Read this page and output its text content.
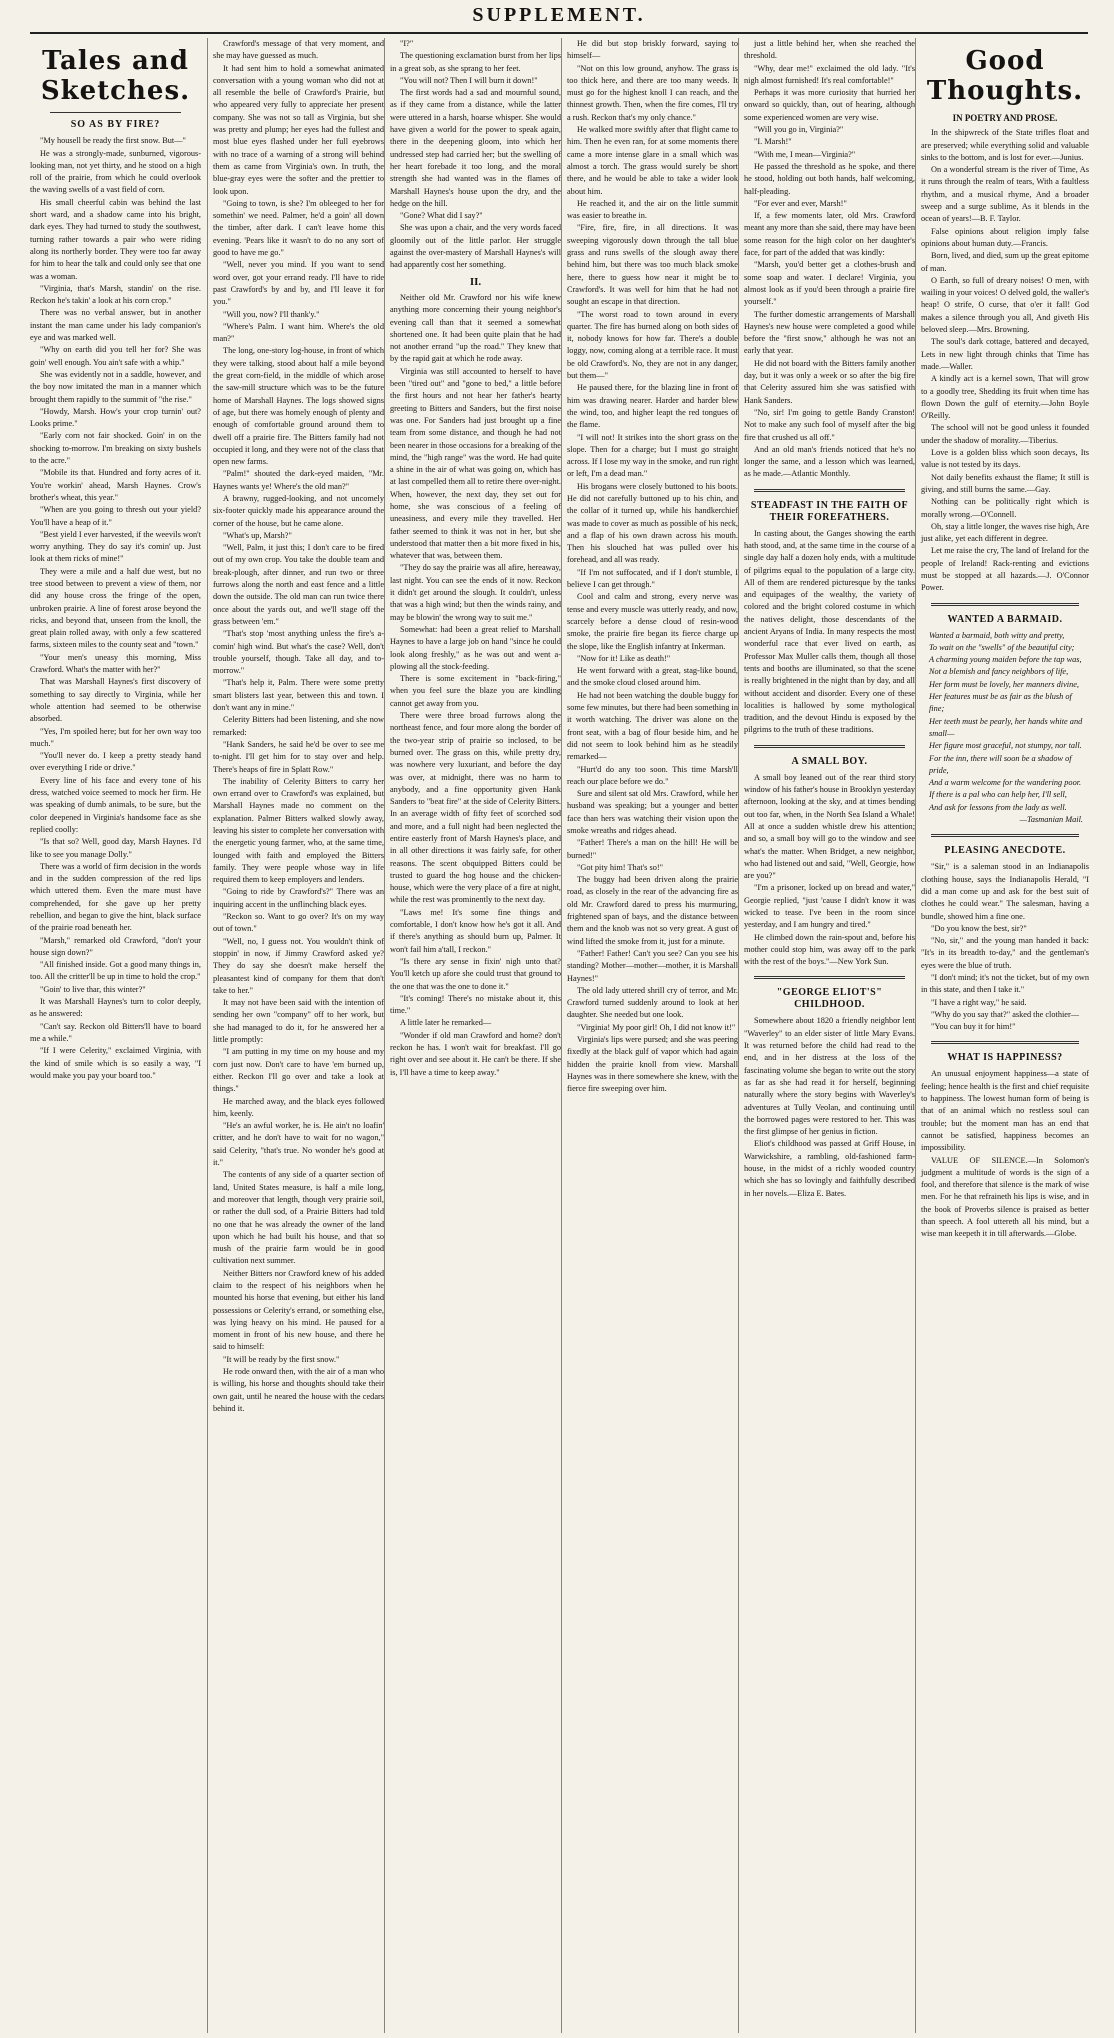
SUPPLEMENT.
Tales and Sketches.
SO AS BY FIRE?

"My housell be ready the first snow. But—"

He was a strongly-made, sunburned, vigorous-looking man, not yet thirty, and he stood on a high roll of the prairie, from which he could overlook the waving swells of a vast field of corn.

His small cheerful cabin was behind the last short ward, and a shadow came into his bright, dark eyes. They had turned to study the southwest, turning rather towards a pair who were riding along its northerly border. They were too far away for him to hear the talk and could only see that one was a woman.

"Virginia, that's Marsh, standin' on the rise. Reckon he's takin' a look at his corn crop."

There was no verbal answer, but in another instant the man came under his lady companion's eye and was marked well.

"Why on earth did you tell her for? She was goin' well enough. You ain't safe with a whip."

She was evidently not in a saddle, however, and the boy now imitated the man in a manner which brought them rapidly to the summit of "the rise."

"Howdy, Marsh. How's your crop turnin' out? Looks prime."

"Early corn not fair shocked. Goin' in on the shocking to-morrow. I'm breaking on sixty bushels to the acre."

"Mobile its that. Hundred and forty acres of it. You're workin' ahead, Marsh Haynes. Crow's brother's wheat, this year."

"When are you going to thresh out your yield? You'll have a heap of it."

"Best yield I ever harvested, if the weevils won't worry anything. They do say it's comin' up. Just look at them ricks of mine!"

They were a mile and a half due west, but no tree stood between to prevent a view of them, nor did any house cross the fringe of the open, unbroken prairie. A line of forest arose beyond the ricks, and beyond that, unseen from the knoll, the great plain rolled away, with only a few scattered farms, sixteen miles to the county seat and "town."

"Your men's uneasy this morning, Miss Crawford. What's the matter with her?"

That was Marshall Haynes's first discovery of something to say directly to Virginia, while her whole attention had seemed to be otherwise absorbed.

"Yes, I'm spoiled here; but for her own way too much."

"You'll never do. I keep a pretty steady hand over everything I ride or drive."

Every line of his face and every tone of his dress, watched voice seemed to mock her firm. He was speaking of dumb animals, to be sure, but the color deepened in Virginia's handsome face as she replied coolly:

"Is that so? Well, good day, Marsh Haynes. I'd like to see you manage Dolly."

There was a world of firm decision in the words and in the sudden compression of the red lips which uttered them. Even the mare must have comprehended, for she gave up her pretty rebellion, and began to give the hint, black surface of the prairie road beneath her.

"Marsh," remarked old Crawford, "don't your house sign down?"

"All finished inside. Got a good many things in, too. All the critter'll be up in time to hold the crop."

"Goin' to live thar, this winter?"

It was Marshall Haynes's turn to color deeply, as he answered:

"Can't say. Reckon old Bitters'll have to board me a while."

"If I were Celerity," exclaimed Virginia, with the kind of smile which is so easily a way, "I would make you pay your board too."

Crawford's message of that very moment, and she may have guessed as much.

It had sent him to hold a somewhat animated conversation with a young woman who did not at all resemble the belle of Crawford's Prairie, but who appeared very fully to appreciate her present company. She was not so tall as Virginia, but she was pretty and plump; her eyes had the fullest and most blue eyes flashed under her full eyebrows with no trace of a warning of a strong will behind them as came from Virginia's own. In truth, the blue-gray eyes were the softer and the prettier to look upon.

"Going to town, is she? I'm obleeged to her for somethin' we need. Palmer, he'd a goin' all down the timber, after dark. I can't leave home this evening. 'Pears like it wasn't to do no any sort of good to have me go."

"Well, never you mind. If you want to send word over, got your errand ready. I'll have to ride past Crawford's by and by, and I'll leave it for you."

"Will you, now? I'll thank'y."

"Where's Palm. I want him. Where's the old man?"

The long, one-story log-house, in front of which they were talking, stood about half a mile beyond the great corn-field, in the middle of which arose the saw-mill structure which was to be the future home of Marshall Haynes. The logs showed signs of age, but there was homely enough of plenty and enough of comfortable ground around them to dwell off a prairie fire. The Bitters family had not occupied it long, and they were not of the class that open new farms.

"Palm!" shouted the dark-eyed maiden, "Mr. Haynes wants ye! Where's the old man?"

A brawny, rugged-looking, and not uncomely six-footer quickly made his appearance around the corner of the house, but he came alone.

"What's up, Marsh?"

"Well, Palm, it just this; I don't care to be fired out of my own crop. You take the double team and break-plough, after dinner, and run two or three furrows along the north and east fence and a little down the outside. The old man can run twice there once about the yards out, and we'll stage off the grass between 'em."

"That's stop 'most anything unless the fire's a-comin' high wind. But what's the case? Well, don't trouble yourself, though. Take all day, and to-morrow."

"That's help it, Palm. There were some pretty smart blisters last year, between this and town. I don't want any in mine."

Celerity Bitters had been listening, and she now remarked:

"Hank Sanders, he said he'd be over to see me to-night. I'll get him for to stay over and help. There's heaps of fire in Splatt Row."

The inability of Celerity Bitters to carry her own errand over to Crawford's was explained, but Marshall Haynes made no comment on the explanation. Palmer Bitters walked slowly away, leaving his sister to complete her conversation with the energetic young farmer, who, at the same time, lounged with faith and employed the Bitters family. They were people whose way in life required them to keep employers and lenders.

"Going to ride by Crawford's?" There was an inquiring accent in the unflinching black eyes.

"Reckon so. Want to go over? It's on my way out of town."

"Well, no, I guess not. You wouldn't think of stoppin' in now, if Jimmy Crawford asked ye? They do say she doesn't make herself the pleasantest kind of company for them that don't take to her."

It may not have been said with the intention of sending her own "company" off to her work, but she had managed to do it, for he answered her a little promptly:

"I am putting in my time on my house and my corn just now. Don't care to have 'em burned up, either. Reckon I'll go over and take a look at things."

He marched away, and the black eyes followed him, keenly.

"He's an awful worker, he is. He ain't no loafin' critter, and he don't have to wait for no wagon," said Celerity, "that's true. No wonder he's good at it."

The contents of any side of a quarter section of land, United States measure, is half a mile long, and moreover that length, though very prairie soil, or rather the dull sod, of a Prairie Bitters had told no one that he was already the owner of the land upon which he had built his house, and that so mush of the prairie farm would be in good cultivation next summer.

Neither Bitters nor Crawford knew of his added claim to the respect of his neighbors when he mounted his horse that evening, but either his land possessions or Celerity's errand, or something else, was lying heavy on his mind. He paused for a moment in front of his new house, and there he said to himself:

"It will be ready by the first snow."

He rode onward then, with the air of a man who is willing, his horse and thoughts should take their own gait, until he neared the house with the cedars behind it.

"I?"

The questioning exclamation burst from her lips in a great sob, as she sprang to her feet.

"You will not? Then I will burn it down!"

The first words had a sad and mournful sound, as if they came from a distance, while the latter were uttered in a harsh, hoarse whisper. She would have given a world for the power to speak again, there in the deepening gloom, into which her undressed step had carried her; but the swelling of her heart forebade it too long, and the moral strength she had wanted was in the flames of Marshall Haynes's house upon the dry, and the hedge on the hill.

"Gone? What did I say?"

She was upon a chair, and the very words faced gloomily out of the little parlor. Her struggle against the over-mastery of Marshall Haynes's will had apparently cost her something.

II.

Neither old Mr. Crawford nor his wife knew anything more concerning their young neighbor's evening call than that it seemed a somewhat shortened one. It had been quite plain that he had not another errand "up the road." They knew that by the rapid gait at which he rode away.

Virginia was still accounted to herself to have been "tired out" and "gone to bed," a little before the first hours and not hear her father's hearty greeting to Bitters and Sanders, but the first noise was one. For Sanders had just brought up a fine team from some distance, and though he had not been nearer in those occasions for a breaking of the mind, the "high range" was the word. He had quite a shine in the air of what was going on, which has at last compelled them all to retire there over-night. When, however, the next day, they set out for home, she was conscious of a feeling of uneasiness, and every mile they travelled. Her father seemed to think it was not in her, but she understood that matter then a bit more fixed in his, whatever that was, between them.

"They do say the prairie was all afire, hereaway, last night. You can see the ends of it now. Reckon it didn't get around the slough. It couldn't, unless that was a high wind; but then the winds rainy, and may be blowin' the wrong way to suit me."

Somewhat: had been a great relief to Marshall Haynes to have a large job on hand "since he could look along freshly," as he was out and went a-plowing all the stock-feeding.

There is some excitement in "back-firing," when you feel sure the blaze you are kindling cannot get away from you.

There were three broad furrows along the northeast fence, and four more along the border of the two-year strip of prairie so inclosed, to be burned over. The grass on this, while pretty dry, was nowhere very luxuriant, and before the day was over, at midnight, there was no harm to anybody, and a fine opportunity given Hank Sanders to "beat fire" at the side of Celerity Bitters. In an average width of fifty feet of scorched sod and more, and a full night had been neglected the entire easterly front of Marsh Haynes's place, and in all other directions it was fairly safe, for other reasons. The scent obquipped Bitters could be trusted to guard the hog house and the chicken-house, which were the very place of a fire at night, while the rest was prominently to the next day.

"Laws me! It's some fine things and comfortable, I don't know how he's got it all. And if there's anything as should burn up, Palmer. It won't fail him a'tall, I reckon."

"Is there ary sense in fixin' nigh unto that? You'll ketch up afore she could trust that ground to the one that was the one to done it."

"It's coming! There's no mistake about it, this time."

A little later he remarked—

"Wonder if old man Crawford and home? don't reckon he has. I won't wait for breakfast. I'll go right over and see about it. He can't be there. If she is, I'll have a time to keep away."

He did but stop briskly forward, saying to himself—

"Not on this low ground, anyhow. The grass is too thick here, and there are too many weeds. It must go for the highest knoll I can reach, and the thinnest growth. Then, when the fire comes, I'll try a rush. Reckon that's my only chance."

He walked more swiftly after that flight came to him. Then he even ran, for at some moments there came a more intense glare in a small which was almost a torch. The grass would surely be short there, and he would be able to take a wider look about him.

He reached it, and the air on the little summit was easier to breathe in.

"Fire, fire, fire, in all directions. It was sweeping vigorously down through the tall blue grass and runs swells of the slough away there behind him, but there was too much black smoke here, there to guess how near it might be to Crawford's. It was well for him that he had not sought an escape in that direction.

"The worst road to town around in every quarter. The fire has burned along on both sides of it, nobody knows for how far. There's a double loggy, now, coming along at a terrible race. It must be old Crawford's. No, they are not in any danger, but them—"

He paused there, for the blazing line in front of him was drawing nearer. Harder and harder blew the wind, too, and higher leapt the red tongues of the flame.

"I will not! It strikes into the short grass on the slope. Then for a charge; but I must go straight across. If I lose my way in the smoke, and run right or left, I'm a dead man."

His brogans were closely buttoned to his boots. He did not carefully buttoned up to his chin, and the collar of it turned up, while his handkerchief was made to cover as much as possible of his neck, and a flap of his own drawn across his mouth. Then his slouched hat was pulled over his forehead, and all was ready.

"If I'm not suffocated, and if I don't stumble, I believe I can get through."

Cool and calm and strong, every nerve was tense and every muscle was utterly ready, and now, scarcely before a dense cloud of resin-wood smoke, the prairie fire began its fierce charge up the slope, like the English infantry at Inkerman.

"Now for it! Like as death!"

He went forward with a great, stag-like bound, and the smoke cloud closed around him.

He had not been watching the double buggy for some few minutes, but there had been something in it worth watching. The driver was alone on the front seat, with a bag of flour beside him, and he did not seem to look behind him as he steadily remarked—

"Hurt'd do any too soon. This time Marsh'll reach our place before we do."

Sure and silent sat old Mrs. Crawford, while her husband was speaking; but a younger and better face than hers was watching their vision upon the smoke wreaths and ridges ahead.

"Father! There's a man on the hill! He will be burned!"

"Got pity him! That's so!"

The buggy had been driven along the prairie road, as closely in the rear of the advancing fire as old Mr. Crawford dared to press his murmuring, frightened span of bays, and the distance between them and the knob was not so very great. A gust of wind lifted the smoke from it, just for a minute.

"Father! Father! Can't you see? Can you see his standing? Mother—mother—mother, it is Marshall Haynes!"

The old lady uttered shrill cry of terror, and Mr. Crawford turned suddenly around to look at her daughter. She needed but one look.

"Virginia! My poor girl! Oh, I did not know it!"

Virginia's lips were pursed; and she was peering fixedly at the black gulf of vapor which had again hidden the prairie knoll from view. Marshall Haynes was in there somewhere she knew, with the fierce fire sweeping over him.

just a little behind her, when she reached the threshold.

"Why, dear me!" exclaimed the old lady. "It's nigh almost furnished! It's real comfortable!"

Perhaps it was more curiosity that hurried her onward so quickly, than, out of hearing, although some experienced women are very wise.

"Will you go in, Virginia?"

"I. Marsh!"

"With me, I mean—Virginia?"

He passed the threshold as he spoke, and there he stood, holding out both hands, half welcoming, half-pleading.

"For ever and ever, Marsh!"

If, a few moments later, old Mrs. Crawford meant any more than she said, there may have been some reason for the high color on her daughter's face, for part of the added that was kindly:

"Marsh, you'd better get a clothes-brush and some soap and water. I declare! Virginia, you almost look as if you'd been through a prairie fire yourself."

The further domestic arrangements of Marshall Haynes's new house were completed a good while before the "first snow," although he was not an early that year.

He did not board with the Bitters family another day, but it was only a week or so after the big fire that Celerity assured him she was satisfied with Hank Sanders.

"No, sir! I'm going to gettle Bandy Cranston! Not to make any such fool of myself after the big fire that crushed us all off."

And an old man's friends noticed that he's no longer the same, and a lesson which was learned, as he made.—Atlantic Monthly.

STEADFAST IN THE FAITH OF THEIR FOREFATHERS.

In casting about, the Ganges showing the earth hath stood, and, at the same time in the course of a single day half a dozen holy ends, with a multitude of pilgrims equal to the population of a large city. All of them are rendered picturesque by the tanks and equipages of the wealthy, the variety of colored and the bright colored costume in which the natives delight, those descendants of the ancient Aryans of India. In many respects the most wonderful race that ever lived on earth, as Professor Max Muller calls them, though all those tents and booths are illuminated, so that the scene is really brightened in the night than by day, and all without accident and disorder. Every one of these localities is hallowed by some mythological tradition, and the devout Hindu is exposed by the pilgrims to the truth of these traditions.

A SMALL BOY.

A small boy leaned out of the rear third story window of his father's house in Brooklyn yesterday afternoon, looking at the sky, and at times bending out too far, when, in the North Sea Island a Whale! All at once a sudden whistle drew his attention; and so, a small boy will go to the window and see what's the matter. When Bridget, a new neighbor, who had listened out and said, "Well, Georgie, how are you?"

"I'm a prisoner, locked up on bread and water," Georgie replied, "just 'cause I didn't know it was wicked to tease. I've been in the room since yesterday, and I am hungry and tired."

He climbed down the rain-spout and, before his mother could stop him, was away off to the park with the rest of the boys."—New York Sun.

"GEORGE ELIOT'S" CHILDHOOD.

Somewhere about 1820 a friendly neighbor lent "Waverley" to an elder sister of little Mary Evans. It was returned before the child had read to the end, and in her distress at the loss of the fascinating volume she began to write out the story as far as she had read it for herself, beginning naturally where the story begins with Waverley's adventures at Tully Veolan, and continuing until the borrowed pages were restored to her. This was the first glimpse of her genius in fiction.

Eliot's childhood was passed at Griff House, in Warwickshire, a rambling, old-fashioned farm-house, in the midst of a richly wooded country which she has so lovingly and faithfully described in her novels.—Eliza E. Bates.

Good Thoughts.
IN POETRY AND PROSE.

In the shipwreck of the State trifles float and are preserved; while everything solid and valuable sinks to the bottom, and is lost for ever.—Junius.

On a wonderful stream is the river of Time, As it runs through the realm of tears, With a faultless rhythm, and a musical rhyme, And a broader sweep and a surge sublime, As it blends in the ocean of years!—B. F. Taylor.

False opinions about religion imply false opinions about human duty.—Francis.

Born, lived, and died, sum up the great epitome of man.

O Earth, so full of dreary noises! O men, with wailing in your voices! O delved gold, the waller's heap! O strife, O curse, that o'er it fall! God makes a silence through you all, And giveth His beloved sleep.—Mrs. Browning.

The soul's dark cottage, battered and decayed, Lets in new light through chinks that Time has made.—Waller.

A kindly act is a kernel sown, That will grow to a goodly tree, Shedding its fruit when time has flown Down the gulf of eternity.—John Boyle O'Reilly.

The school will not be good unless it founded under the shadow of morality.—Tiberius.

Love is a golden bliss which soon decays, Its value is not tested by its days.

Not daily benefits exhaust the flame; It still is giving, and still burns the same.—Gay.

Nothing can be politically right which is morally wrong.—O'Connell.

Oh, stay a little longer, the waves rise high, Are just alike, yet each different in degree.

Let me raise the cry, The land of Ireland for the people of Ireland! Rack-renting and evictions must be stopped at all hazards.—J. O'Connor Power.

WANTED A BARMAID.

Wanted a barmaid, both witty and pretty,

To wait on the "swells" of the beautiful city;

A charming young maiden before the tap was,

Not a blemish and fancy neighbors of life,

Her form must be lovely, her manners divine,

Her features must be as fair as the blush of fine;

Her teeth must be pearly, her hands white and small—

Her figure most graceful, not stumpy, nor tall.

For the inn, there will soon be a shadow of pride,

And a warm welcome for the wandering poor.

If there is a pal who can help her, I'll sell,

And ask for lessons from the lady as well.

—Tasmanian Mail.

PLEASING ANECDOTE.

"Sir," is a saleman stood in an Indianapolis clothing house, says the Indianapolis Herald, "I did a man come up and ask for the best suit of clothes he could wear." The salesman, having a bundle, showed him a fine one.

"Do you know the best, sir?"

"No, sir," and the young man handed it back: "It's in its breadth to-day," and the gentleman's eyes were the blue of truth.

"I don't mind; it's not the ticket, but of my own in this state, and then I take it."

"I have a right way," he said.

"Why do you say that?" asked the clothier—

"You can buy it for him!"

WHAT IS HAPPINESS?

An unusual enjoyment happiness—a state of feeling; hence health is the first and chief requisite to happiness. The lowest human form of being is that of an animal which no restless soul can trouble; but the moment man has an end that cannot be satisfied, happiness becomes an impossibility.

VALUE OF SILENCE.—In Solomon's judgment a multitude of words is the sign of a fool, and therefore that silence is the mark of wise men. For he that refraineth his lips is wise, and in the book of Proverbs silence is praised as better than speech. A fool uttereth all his mind, but a wise man keepeth it in till afterwards.—Globe.
